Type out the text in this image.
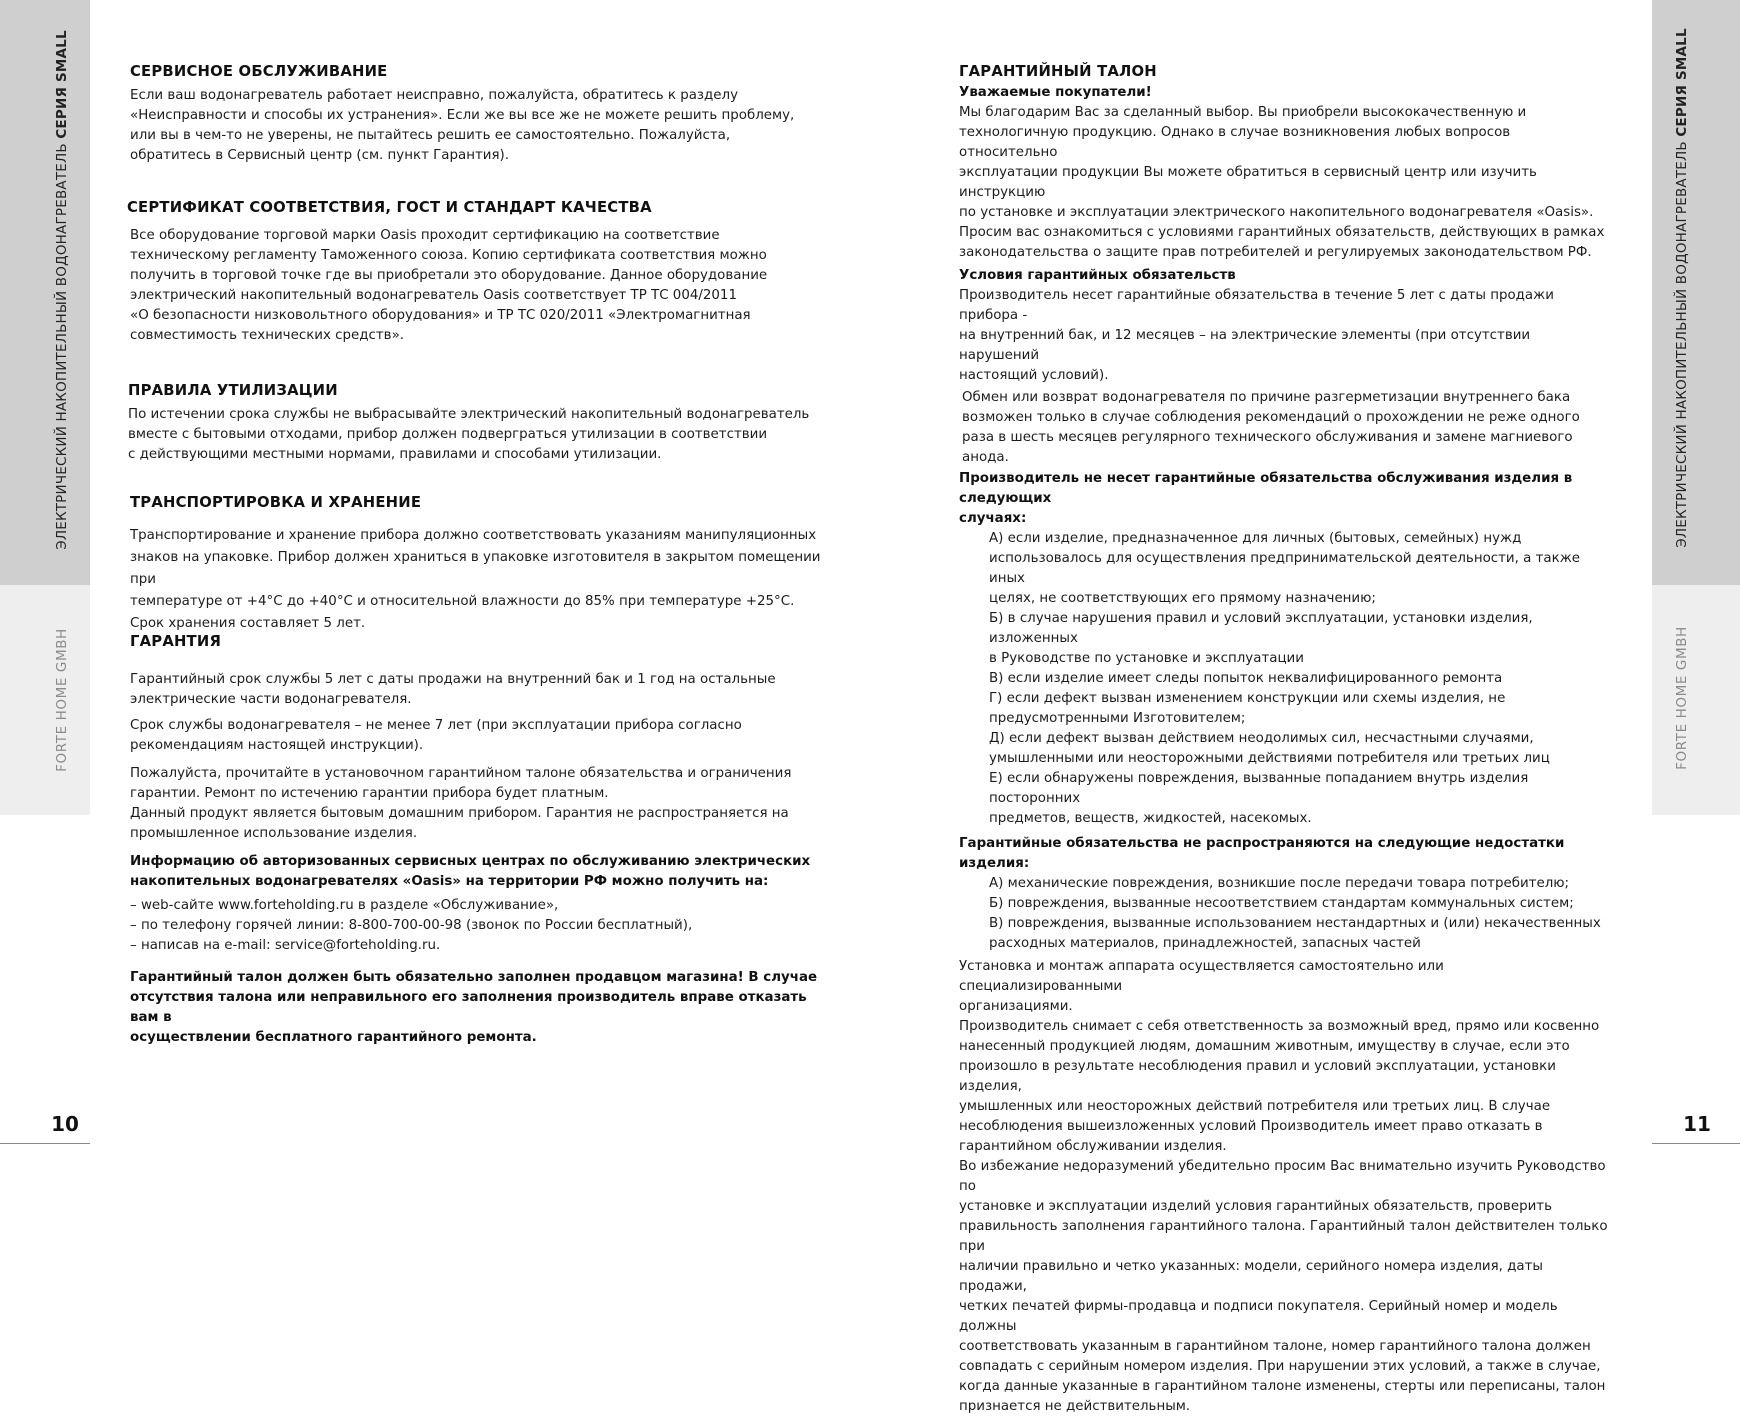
ЭЛЕКТРИЧЕСКИЙ НАКОПИТЕЛЬНЫЙ ВОДОНАГРЕВАТЕЛЬ СЕРИЯ SMALL
FORTE HOME GMBH
10
ЭЛЕКТРИЧЕСКИЙ НАКОПИТЕЛЬНЫЙ ВОДОНАГРЕВАТЕЛЬ СЕРИЯ SMALL
FORTE HOME GMBH
11

СЕРВИСНОЕ ОБСЛУЖИВАНИЕ

Если ваш водонагреватель работает неисправно, пожалуйста, обратитесь к разделу

«Неисправности и способы их устранения». Если же вы все же не можете решить проблему,

или вы в чем-то не уверены, не пытайтесь решить ее самостоятельно. Пожалуйста,

обратитесь в Сервисный центр (см. пункт Гарантия).

СЕРТИФИКАТ СООТВЕТСТВИЯ, ГОСТ И СТАНДАРТ КАЧЕСТВА

Все оборудование торговой марки Oasis проходит сертификацию на соответствие

техническому регламенту Таможенного союза. Копию сертификата соответствия можно

получить в торговой точке где вы приобретали это оборудование. Данное оборудование

электрический накопительный водонагреватель Oasis соответствует ТР ТС 004/2011

«О безопасности низковольтного оборудования» и ТР ТС 020/2011 «Электромагнитная

совместимость технических средств».

ПРАВИЛА УТИЛИЗАЦИИ

По истечении срока службы не выбрасывайте электрический накопительный водонагреватель

вместе с бытовыми отходами, прибор должен подверграться утилизации в соответствии

с действующими местными нормами, правилами и способами утилизации.

ТРАНСПОРТИРОВКА И ХРАНЕНИЕ

Транспортирование и хранение прибора должно соответствовать указаниям манипуляционных

знаков на упаковке. Прибор должен храниться в упаковке изготовителя в закрытом помещении при

температуре от +4°С до +40°С и относительной влажности до 85% при температуре +25°С.

Срок хранения составляет 5 лет.

ГАРАНТИЯ

Гарантийный срок службы 5 лет с даты продажи на внутренний бак и 1 год на остальные

электрические части водонагревателя.

Срок службы водонагревателя – не менее 7 лет (при эксплуатации прибора согласно

рекомендациям настоящей инструкции).

Пожалуйста, прочитайте в установочном гарантийном талоне обязательства и ограничения

гарантии. Ремонт по истечению гарантии прибора будет платным.

Данный продукт является бытовым домашним прибором. Гарантия не распространяется на

промышленное использование изделия.

Информацию об авторизованных сервисных центрах по обслуживанию электрических

накопительных водонагревателях «Oasis» на территории РФ можно получить на:

– web-сайте www.forteholding.ru в разделе «Обслуживание»,

– по телефону горячей линии: 8-800-700-00-98 (звонок по России бесплатный),

– написав на e-mail: service@forteholding.ru.

Гарантийный талон должен быть обязательно заполнен продавцом магазина! В случае

отсутствия талона или неправильного его заполнения производитель вправе отказать вам в

осуществлении бесплатного гарантийного ремонта.

ГАРАНТИЙНЫЙ ТАЛОН

Уважаемые покупатели!

Мы благодарим Вас за сделанный выбор. Вы приобрели высококачественную и

технологичную продукцию. Однако в случае возникновения любых вопросов относительно

эксплуатации продукции Вы можете обратиться в сервисный центр или изучить инструкцию

по установке и эксплуатации электрического накопительного водонагревателя «Oasis».

Просим вас ознакомиться с условиями гарантийных обязательств, действующих в рамках

законодательства о защите прав потребителей и регулируемых законодательством РФ.

Условия гарантийных обязательств

Производитель несет гарантийные обязательства в течение 5 лет с даты продажи прибора -

на внутренний бак, и 12 месяцев – на электрические элементы (при отсутствии нарушений

настоящий условий).

Обмен или возврат водонагревателя по причине разгерметизации внутреннего бака

возможен только в случае соблюдения рекомендаций о прохождении не реже одного

раза в шесть месяцев регулярного технического обслуживания и замене магниевого

анода.

Производитель не несет гарантийные обязательства обслуживания изделия в следующих

случаях:

А) если изделие, предназначенное для личных (бытовых, семейных) нужд

использовалось для осуществления предпринимательской деятельности, а также иных

целях, не соответствующих его прямому назначению;

Б) в случае нарушения правил и условий эксплуатации, установки изделия, изложенных

в Руководстве по установке и эксплуатации

В) если изделие имеет следы попыток неквалифицированного ремонта

Г) если дефект вызван изменением конструкции или схемы изделия, не

предусмотренными Изготовителем;

Д) если дефект вызван действием неодолимых сил, несчастными случаями,

умышленными или неосторожными действиями потребителя или третьих лиц

Е) если обнаружены повреждения, вызванные попаданием внутрь изделия посторонних

предметов, веществ, жидкостей, насекомых.

Гарантийные обязательства не распространяются на следующие недостатки изделия:

А) механические повреждения, возникшие после передачи товара потребителю;

Б) повреждения, вызванные несоответствием стандартам коммунальных систем;

В) повреждения, вызванные использованием нестандартных и (или) некачественных

расходных материалов, принадлежностей, запасных частей

Установка и монтаж аппарата осуществляется самостоятельно или специализированными

организациями.

Производитель снимает с себя ответственность за возможный вред, прямо или косвенно

нанесенный продукцией людям, домашним животным, имуществу в случае, если это

произошло в результате несоблюдения правил и условий эксплуатации, установки изделия,

умышленных или неосторожных действий потребителя или третьих лиц. В случае

несоблюдения вышеизложенных условий Производитель имеет право отказать в

гарантийном обслуживании изделия.

Во избежание недоразумений убедительно просим Вас внимательно изучить Руководство по

установке и эксплуатации изделий условия гарантийных обязательств, проверить

правильность заполнения гарантийного талона. Гарантийный талон действителен только при

наличии правильно и четко указанных: модели, серийного номера изделия, даты продажи,

четких печатей фирмы-продавца и подписи покупателя. Серийный номер и модель должны

соответствовать указанным в гарантийном талоне, номер гарантийного талона должен

совпадать с серийным номером изделия. При нарушении этих условий, а также в случае,

когда данные указанные в гарантийном талоне изменены, стерты или переписаны, талон

признается не действительным.
